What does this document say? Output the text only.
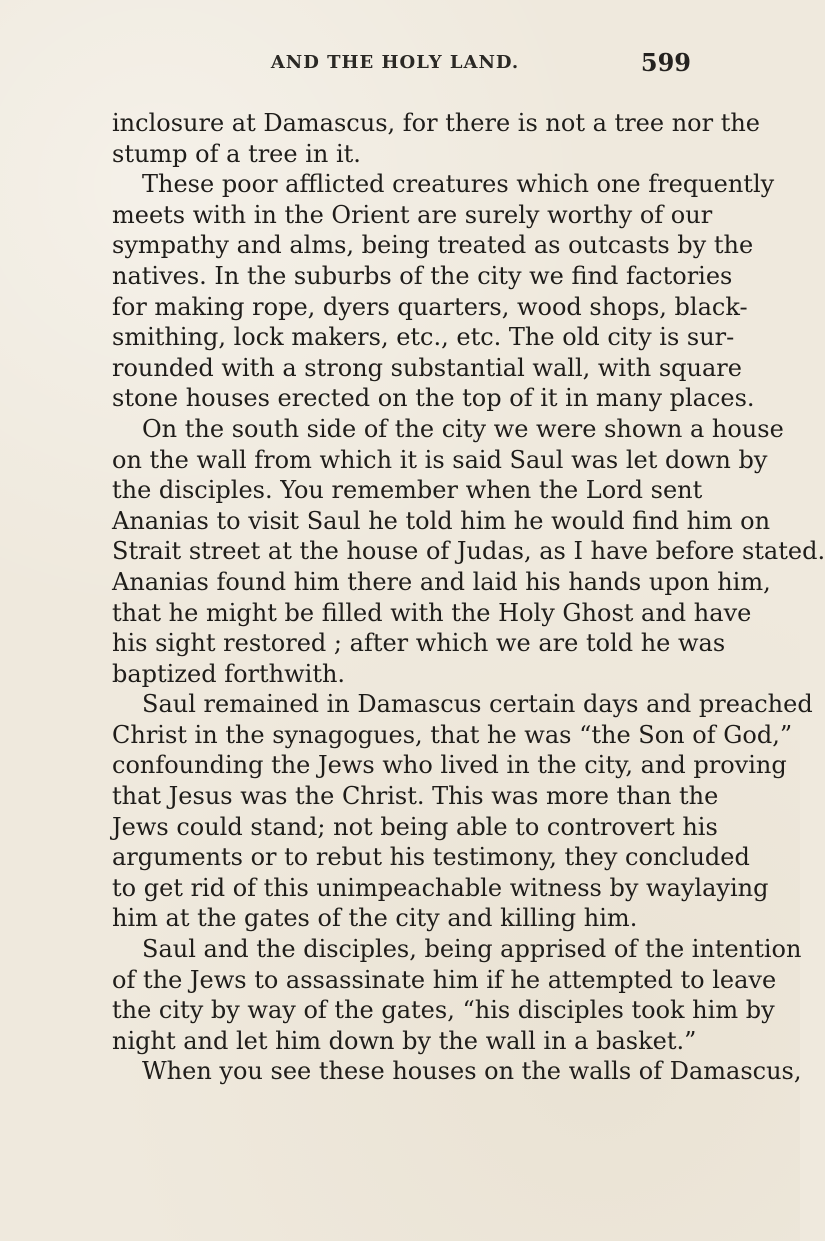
AND THE HOLY LAND.	599
inclosure at Damascus, for there is not a tree nor the
stump of a tree in it.
These poor afflicted creatures which one frequently
meets with in the Orient are surely worthy of our
sympathy and alms, being treated as outcasts by the
natives. In the suburbs of the city we find factories
for making rope, dyers quarters, wood shops, black-
smithing, lock makers, etc., etc. The old city is sur-
rounded with a strong substantial wall, with square
stone houses erected on the top of it in many places.
On the south side of the city we were shown a house
on the wall from which it is said Saul was let down by
the disciples. You remember when the Lord sent
Ananias to visit Saul he told him he would find him on
Strait street at the house of Judas, as I have before stated.
Ananias found him there and laid his hands upon him,
that he might be filled with the Holy Ghost and have
his sight restored ; after which we are told he was
baptized forthwith.
Saul remained in Damascus certain days and preached
Christ in the synagogues, that he was “the Son of God,”
confounding the Jews who lived in the city, and proving
that Jesus was the Christ. This was more than the
Jews could stand; not being able to controvert his
arguments or to rebut his testimony, they concluded
to get rid of this unimpeachable witness by waylaying
him at the gates of the city and killing him.
Saul and the disciples, being apprised of the intention
of the Jews to assassinate him if he attempted to leave
the city by way of the gates, “his disciples took him by
night and let him down by the wall in a basket.”
When you see these houses on the walls of Damascus,
